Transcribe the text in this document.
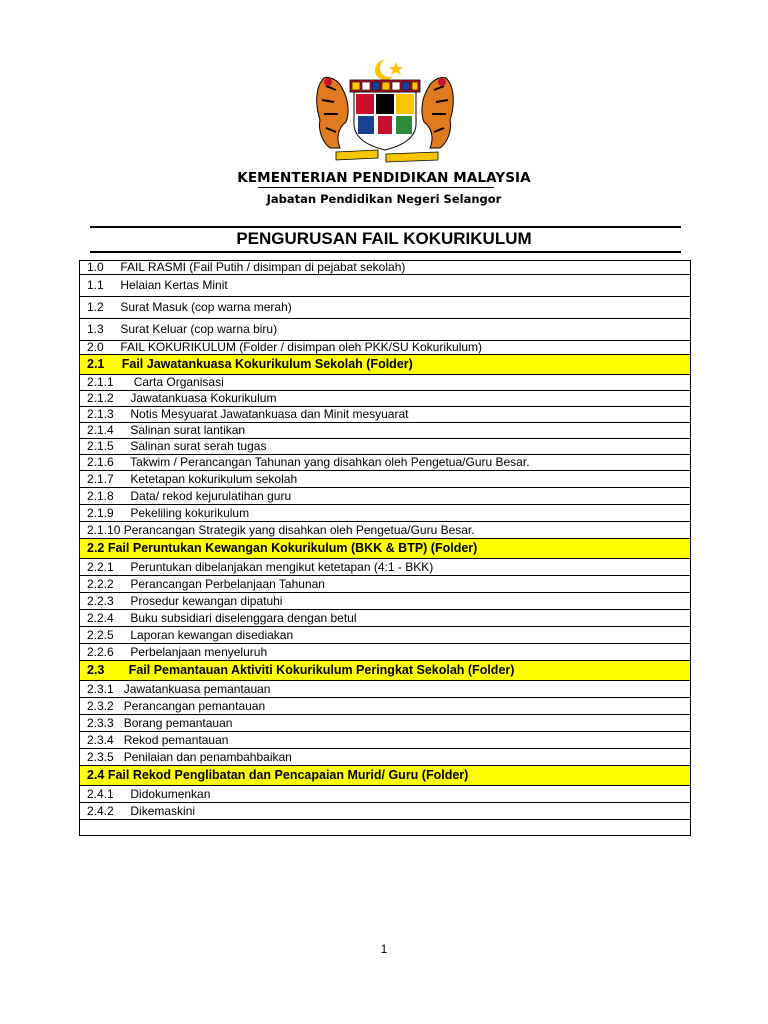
KEMENTERIAN PENDIDIKAN MALAYSIA
Jabatan Pendidikan Negeri Selangor
PENGURUSAN FAIL KOKURIKULUM
1.0     FAIL RASMI (Fail Putih / disimpan di pejabat sekolah)
1.1     Helaian Kertas Minit
1.2     Surat Masuk (cop warna merah)
1.3     Surat Keluar (cop warna biru)
2.0     FAIL KOKURIKULUM (Folder / disimpan oleh PKK/SU Kokurikulum)
2.1     Fail Jawatankuasa Kokurikulum Sekolah (Folder)
2.1.1      Carta Organisasi
2.1.2     Jawatankuasa Kokurikulum
2.1.3     Notis Mesyuarat Jawatankuasa dan Minit mesyuarat
2.1.4     Salinan surat lantikan
2.1.5     Salinan surat serah tugas
2.1.6     Takwim / Perancangan Tahunan yang disahkan oleh Pengetua/Guru Besar.
2.1.7     Ketetapan kokurikulum sekolah
2.1.8     Data/ rekod kejurulatihan guru
2.1.9     Pekeliling kokurikulum
2.1.10 Perancangan Strategik yang disahkan oleh Pengetua/Guru Besar.
2.2 Fail Peruntukan Kewangan Kokurikulum (BKK & BTP) (Folder)
2.2.1     Peruntukan dibelanjakan mengikut ketetapan (4:1 - BKK)
2.2.2     Perancangan Perbelanjaan Tahunan
2.2.3     Prosedur kewangan dipatuhi
2.2.4     Buku subsidiari diselenggara dengan betul
2.2.5     Laporan kewangan disediakan
2.2.6     Perbelanjaan menyeluruh
2.3       Fail Pemantauan Aktiviti Kokurikulum Peringkat Sekolah (Folder)
2.3.1   Jawatankuasa pemantauan
2.3.2   Perancangan pemantauan
2.3.3   Borang pemantauan
2.3.4   Rekod pemantauan
2.3.5   Penilaian dan penambahbaikan
2.4 Fail Rekod Penglibatan dan Pencapaian Murid/ Guru (Folder)
2.4.1     Didokumenkan
2.4.2     Dikemaskini

1
